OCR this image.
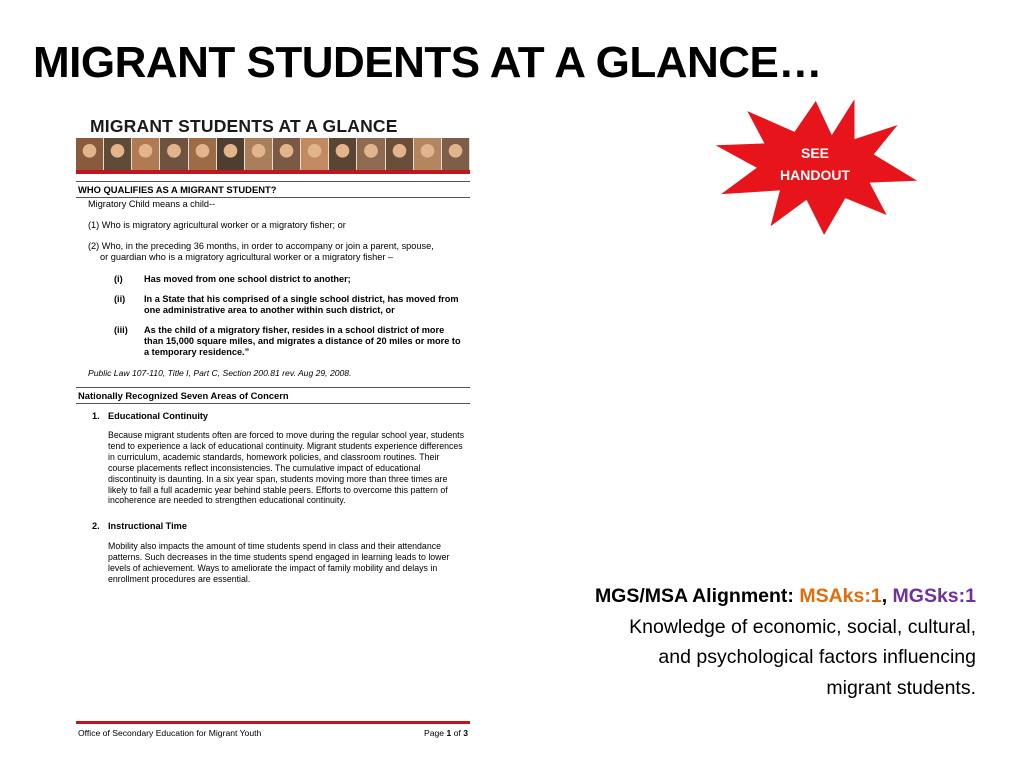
MIGRANT STUDENTS AT A GLANCE…
MIGRANT STUDENTS AT A GLANCE
WHO QUALIFIES AS A MIGRANT STUDENT?

Migratory Child means a child--

(1) Who is migratory agricultural worker or a migratory fisher; or

(2) Who, in the preceding 36 months, in order to accompany or join a parent, spouse,

or guardian who is a migratory agricultural worker or a migratory fisher –

(i) Has moved from one school district to another;
(ii) In a State that his comprised of a single school district, has moved from one administrative area to another within such district, or
(iii) As the child of a migratory fisher, resides in a school district of more than 15,000 square miles, and migrates a distance of 20 miles or more to a temporary residence.”
Public Law 107-110, Title I, Part C, Section 200.81 rev. Aug 29, 2008.
Nationally Recognized Seven Areas of Concern
1. Educational Continuity
Because migrant students often are forced to move during the regular school year, students tend to experience a lack of educational continuity. Migrant students experience differences in curriculum, academic standards, homework policies, and classroom routines. Their course placements reflect inconsistencies. The cumulative impact of educational discontinuity is daunting. In a six year span, students moving more than three times are likely to fall a full academic year behind stable peers. Efforts to overcome this pattern of incoherence are needed to strengthen educational continuity.
2. Instructional Time
Mobility also impacts the amount of time students spend in class and their attendance patterns. Such decreases in the time students spend engaged in learning leads to lower levels of achievement. Ways to ameliorate the impact of family mobility and delays in enrollment procedures are essential.
Office of Secondary Education for Migrant Youth	Page 1 of 3
SEE
HANDOUT
MGS/MSA Alignment: MSAks:1, MGSks:1
Knowledge of economic, social, cultural,
and psychological factors influencing
migrant students.
